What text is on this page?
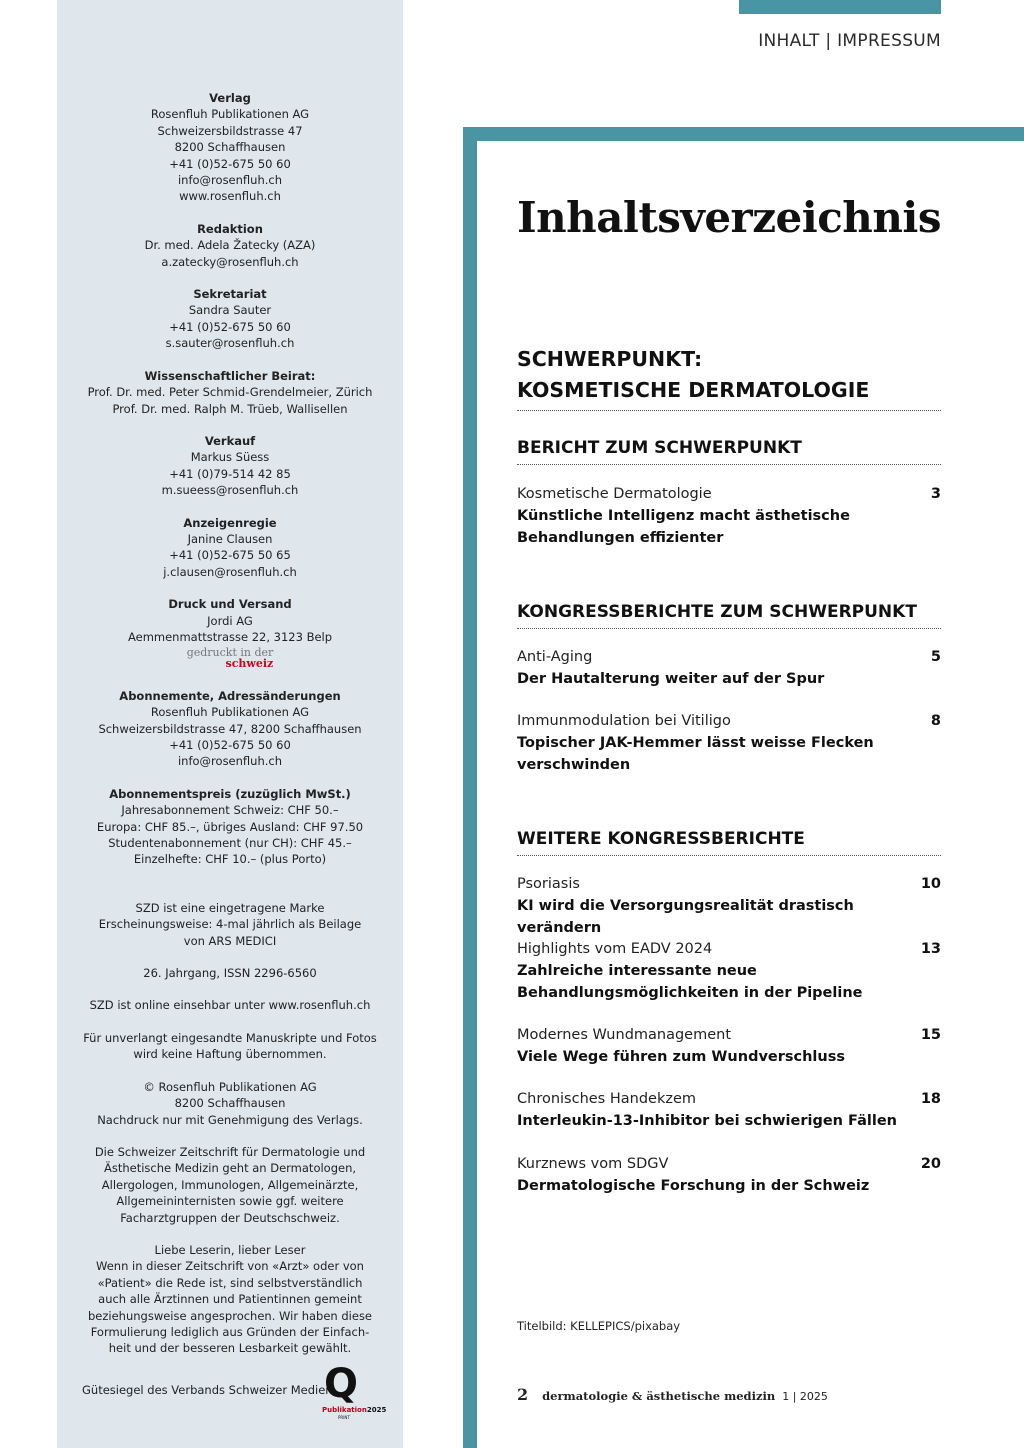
Verlag
Rosenfluh Publikationen AG
Schweizersbildstrasse 47
8200 Schaffhausen
+41 (0)52-675 50 60
info@rosenfluh.ch
www.rosenfluh.ch
Redaktion
Dr. med. Adela Žatecky (AZA)
a.zatecky@rosenfluh.ch
Sekretariat
Sandra Sauter
+41 (0)52-675 50 60
s.sauter@rosenfluh.ch
Wissenschaftlicher Beirat:
Prof. Dr. med. Peter Schmid-Grendelmeier, Zürich
Prof. Dr. med. Ralph M. Trüeb, Wallisellen
Verkauf
Markus Süess
+41 (0)79-514 42 85
m.sueess@rosenfluh.ch
Anzeigenregie
Janine Clausen
+41 (0)52-675 50 65
j.clausen@rosenfluh.ch
Druck und Versand
Jordi AG
Aemmenmattstrasse 22, 3123 Belp
gedruckt in der
schweiz
Abonnemente, Adressänderungen
Rosenfluh Publikationen AG
Schweizersbildstrasse 47, 8200 Schaffhausen
+41 (0)52-675 50 60
info@rosenfluh.ch
Abonnementspreis (zuzüglich MwSt.)
Jahresabonnement Schweiz: CHF 50.–
Europa: CHF 85.–, übriges Ausland: CHF 97.50
Studentenabonnement (nur CH): CHF 45.–
Einzelhefte: CHF 10.– (plus Porto)
SZD ist eine eingetragene Marke
Erscheinungsweise: 4-mal jährlich als Beilage
von ARS MEDICI
26. Jahrgang, ISSN 2296-6560
SZD ist online einsehbar unter www.rosenfluh.ch
Für unverlangt eingesandte Manuskripte und Fotos
wird keine Haftung übernommen.
© Rosenfluh Publikationen AG
8200 Schaffhausen
Nachdruck nur mit Genehmigung des Verlags.
Die Schweizer Zeitschrift für Dermatologie und
Ästhetische Medizin geht an Dermatologen,
Allergologen, Immunologen, Allgemeinärzte,
Allgemeininternisten sowie ggf. weitere
Facharztgruppen der Deutschschweiz.
Liebe Leserin, lieber Leser
Wenn in dieser Zeitschrift von «Arzt» oder von
«Patient» die Rede ist, sind selbstverständlich
auch alle Ärztinnen und Patientinnen gemeint
beziehungsweise angesprochen. Wir haben diese
Formulierung lediglich aus Gründen der Einfach-
heit und der besseren Lesbarkeit gewählt.
Gütesiegel des Verbands Schweizer Medien
Q
Publikation2025
PRINT
INHALT | IMPRESSUM
Inhaltsverzeichnis
SCHWERPUNKT:
KOSMETISCHE DERMATOLOGIE
BERICHT ZUM SCHWERPUNKT
Kosmetische Dermatologie	3
Künstliche Intelligenz macht ästhetische Behandlungen effizienter
KONGRESSBERICHTE ZUM SCHWERPUNKT
Anti-Aging	5
Der Hautalterung weiter auf der Spur
Immunmodulation bei Vitiligo	8
Topischer JAK-Hemmer lässt weisse Flecken verschwinden
WEITERE KONGRESSBERICHTE
Psoriasis	10
KI wird die Versorgungsrealität drastisch verändern
Highlights vom EADV 2024	13
Zahlreiche interessante neue Behandlungsmöglichkeiten in der Pipeline
Modernes Wundmanagement	15
Viele Wege führen zum Wundverschluss
Chronisches Handekzem	18
Interleukin-13-Inhibitor bei schwierigen Fällen
Kurznews vom SDGV	20
Dermatologische Forschung in der Schweiz
Titelbild: KELLEPICS/pixabay
2 dermatologie & ästhetische medizin 1 | 2025
